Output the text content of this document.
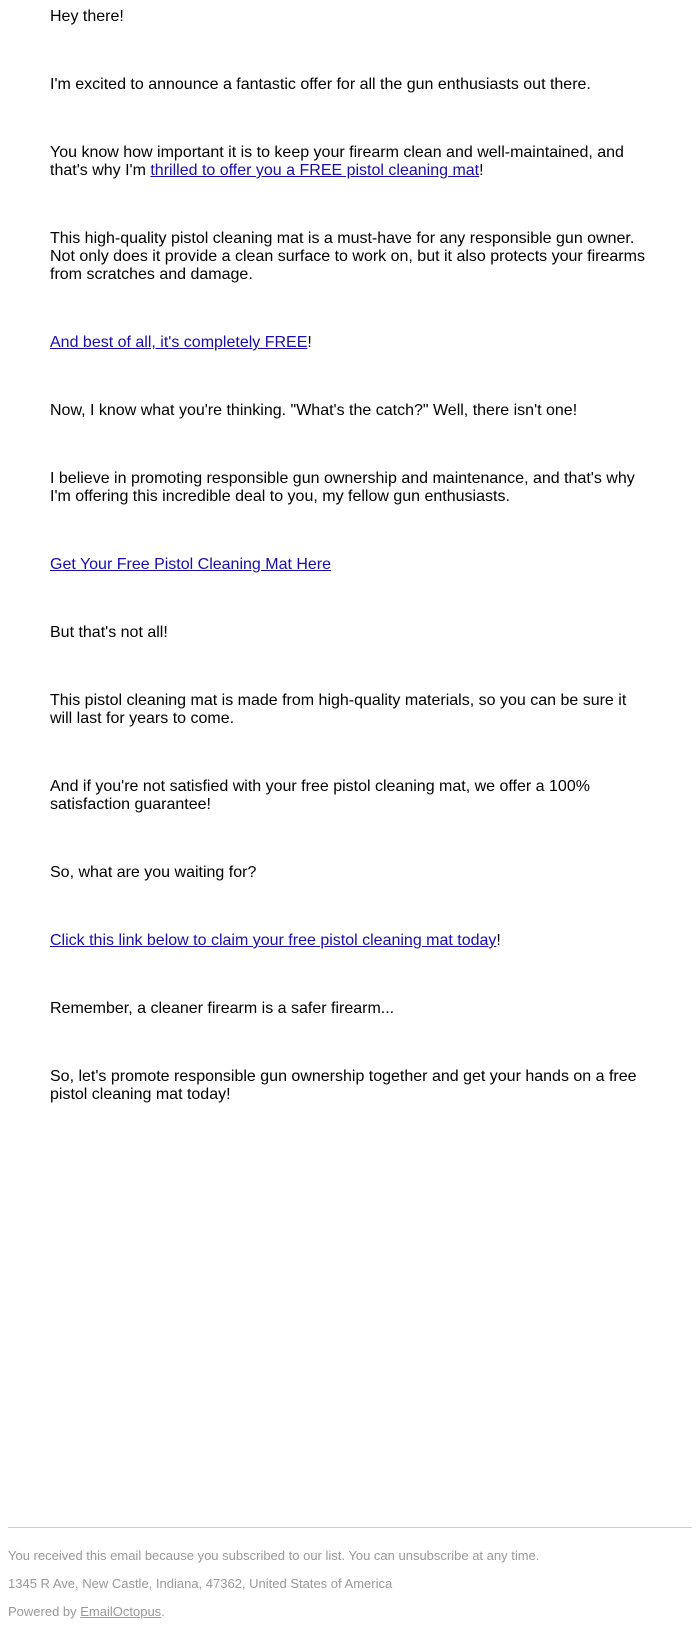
Hey there!

I'm excited to announce a fantastic offer for all the gun enthusiasts out there.

You know how important it is to keep your firearm clean and well-maintained, and that's why I'm thrilled to offer you a FREE pistol cleaning mat!

This high-quality pistol cleaning mat is a must-have for any responsible gun owner. Not only does it provide a clean surface to work on, but it also protects your firearms from scratches and damage.

And best of all, it's completely FREE!

Now, I know what you're thinking. "What's the catch?" Well, there isn't one!

I believe in promoting responsible gun ownership and maintenance, and that's why I'm offering this incredible deal to you, my fellow gun enthusiasts.

Get Your Free Pistol Cleaning Mat Here

But that's not all!

This pistol cleaning mat is made from high-quality materials, so you can be sure it will last for years to come.

And if you're not satisfied with your free pistol cleaning mat, we offer a 100% satisfaction guarantee!

So, what are you waiting for?

Click this link below to claim your free pistol cleaning mat today!

Remember, a cleaner firearm is a safer firearm...

So, let's promote responsible gun ownership together and get your hands on a free pistol cleaning mat today!

You received this email because you subscribed to our list. You can unsubscribe at any time.

1345 R Ave, New Castle, Indiana, 47362, United States of America

Powered by EmailOctopus.
